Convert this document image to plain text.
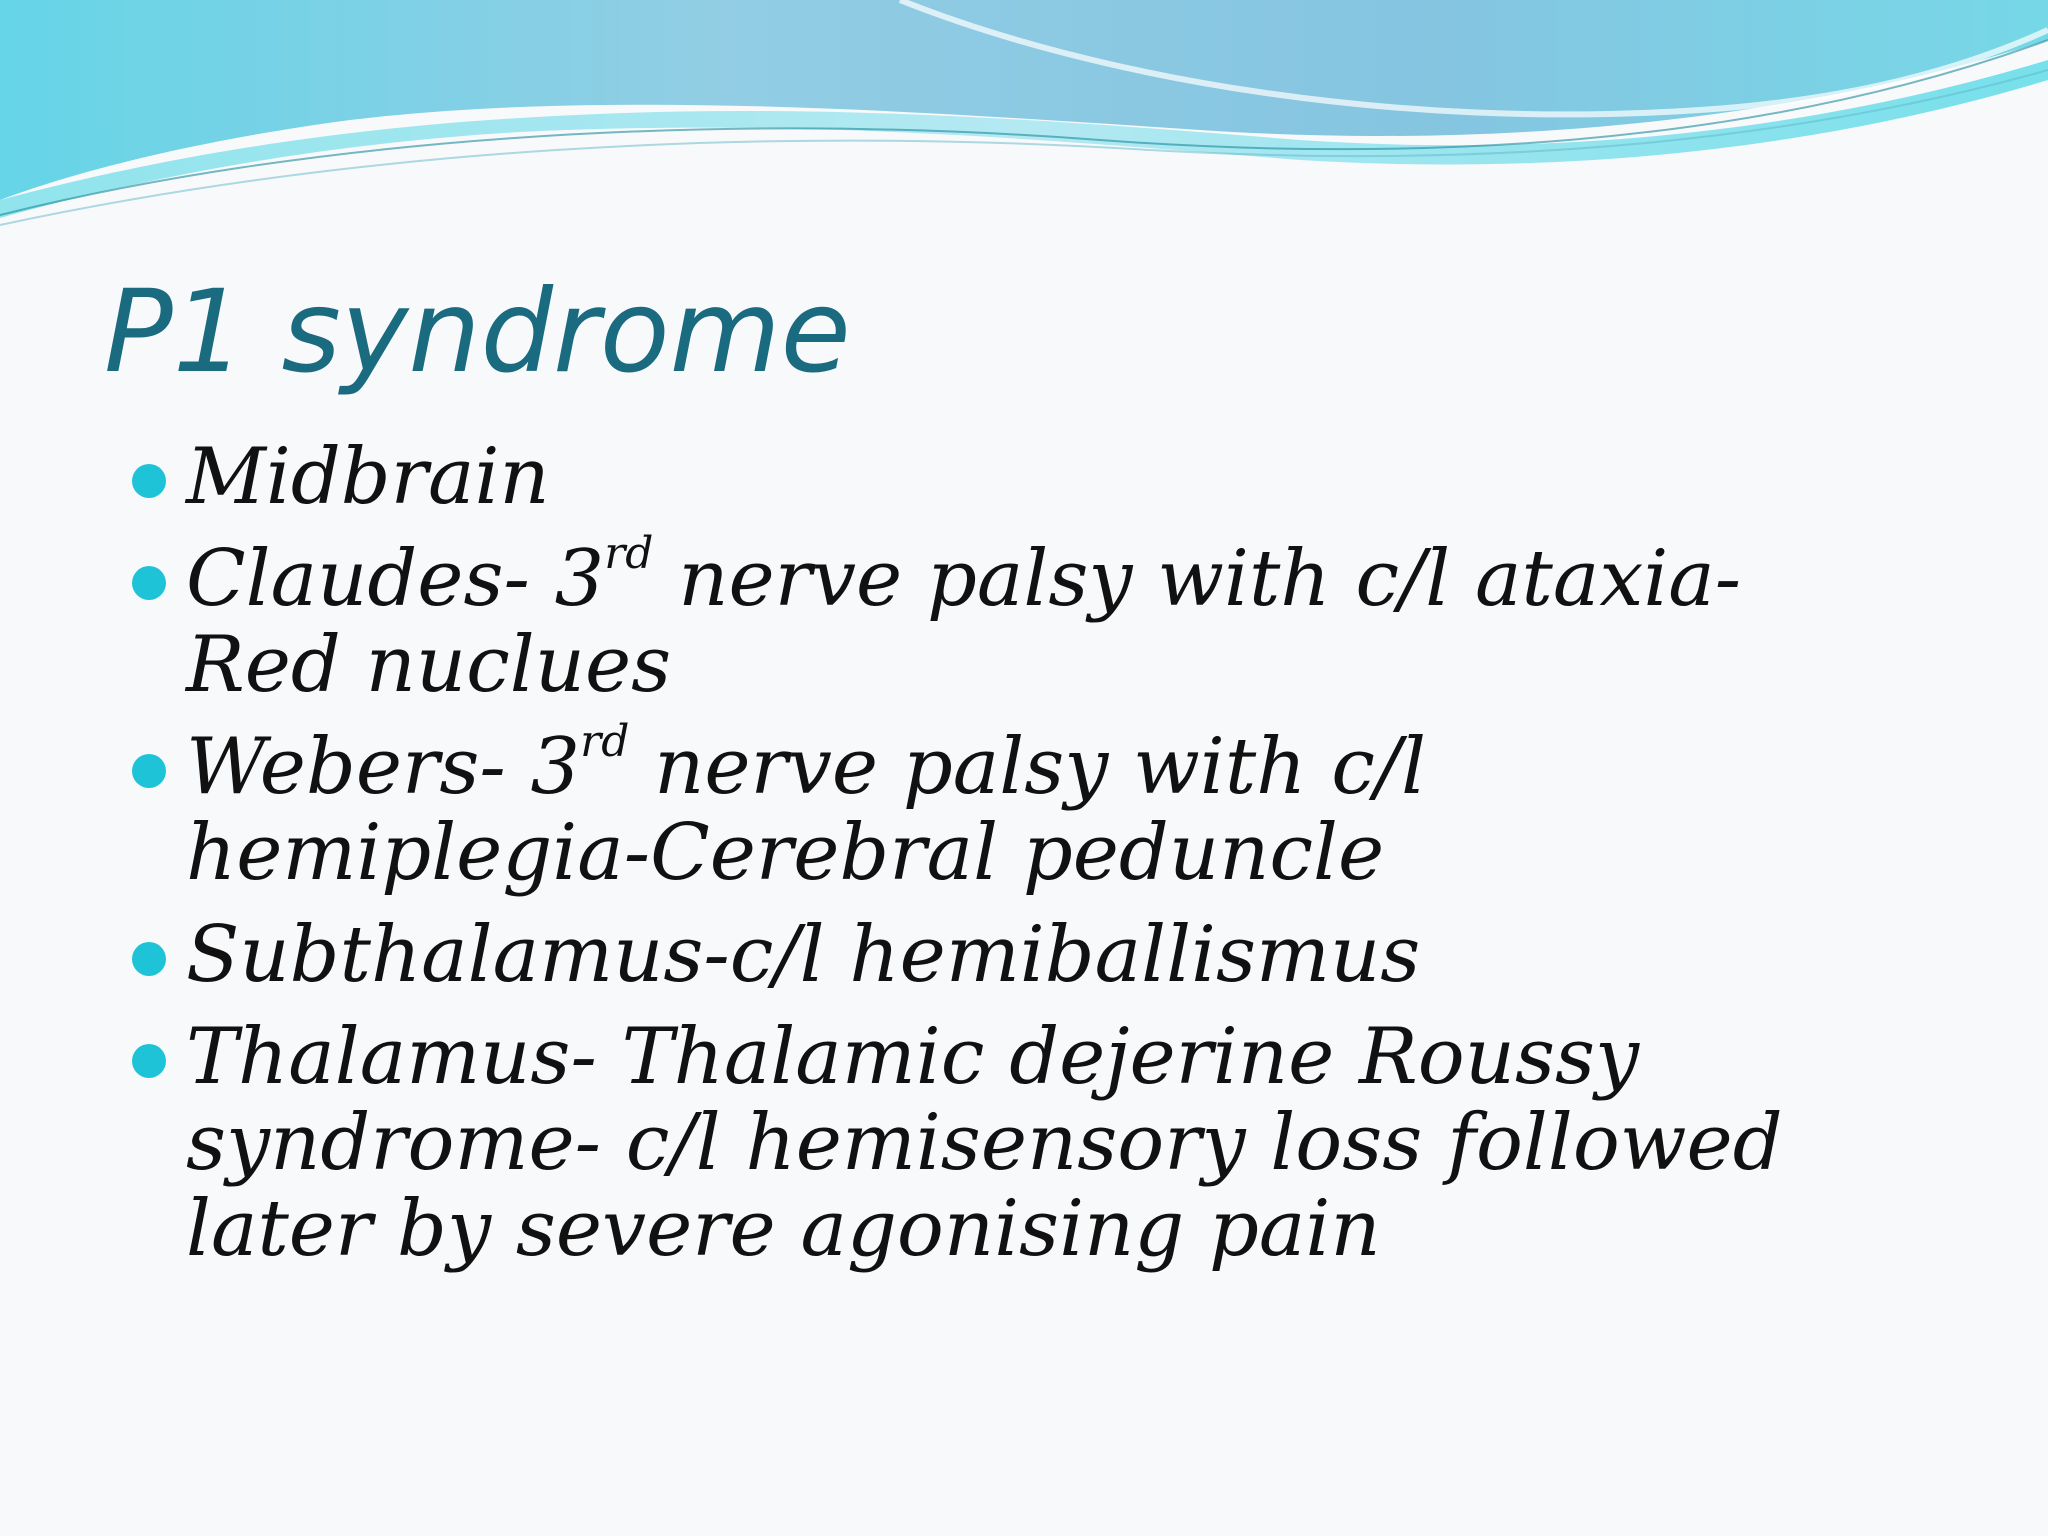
P1 syndrome
Midbrain
Claudes- 3rd nerve palsy with c/l ataxia-
Red nuclues
Webers- 3rd nerve palsy with c/l
hemiplegia-Cerebral peduncle
Subthalamus-c/l hemiballismus
Thalamus- Thalamic dejerine Roussy
syndrome- c/l hemisensory loss followed
later by severe agonising pain
